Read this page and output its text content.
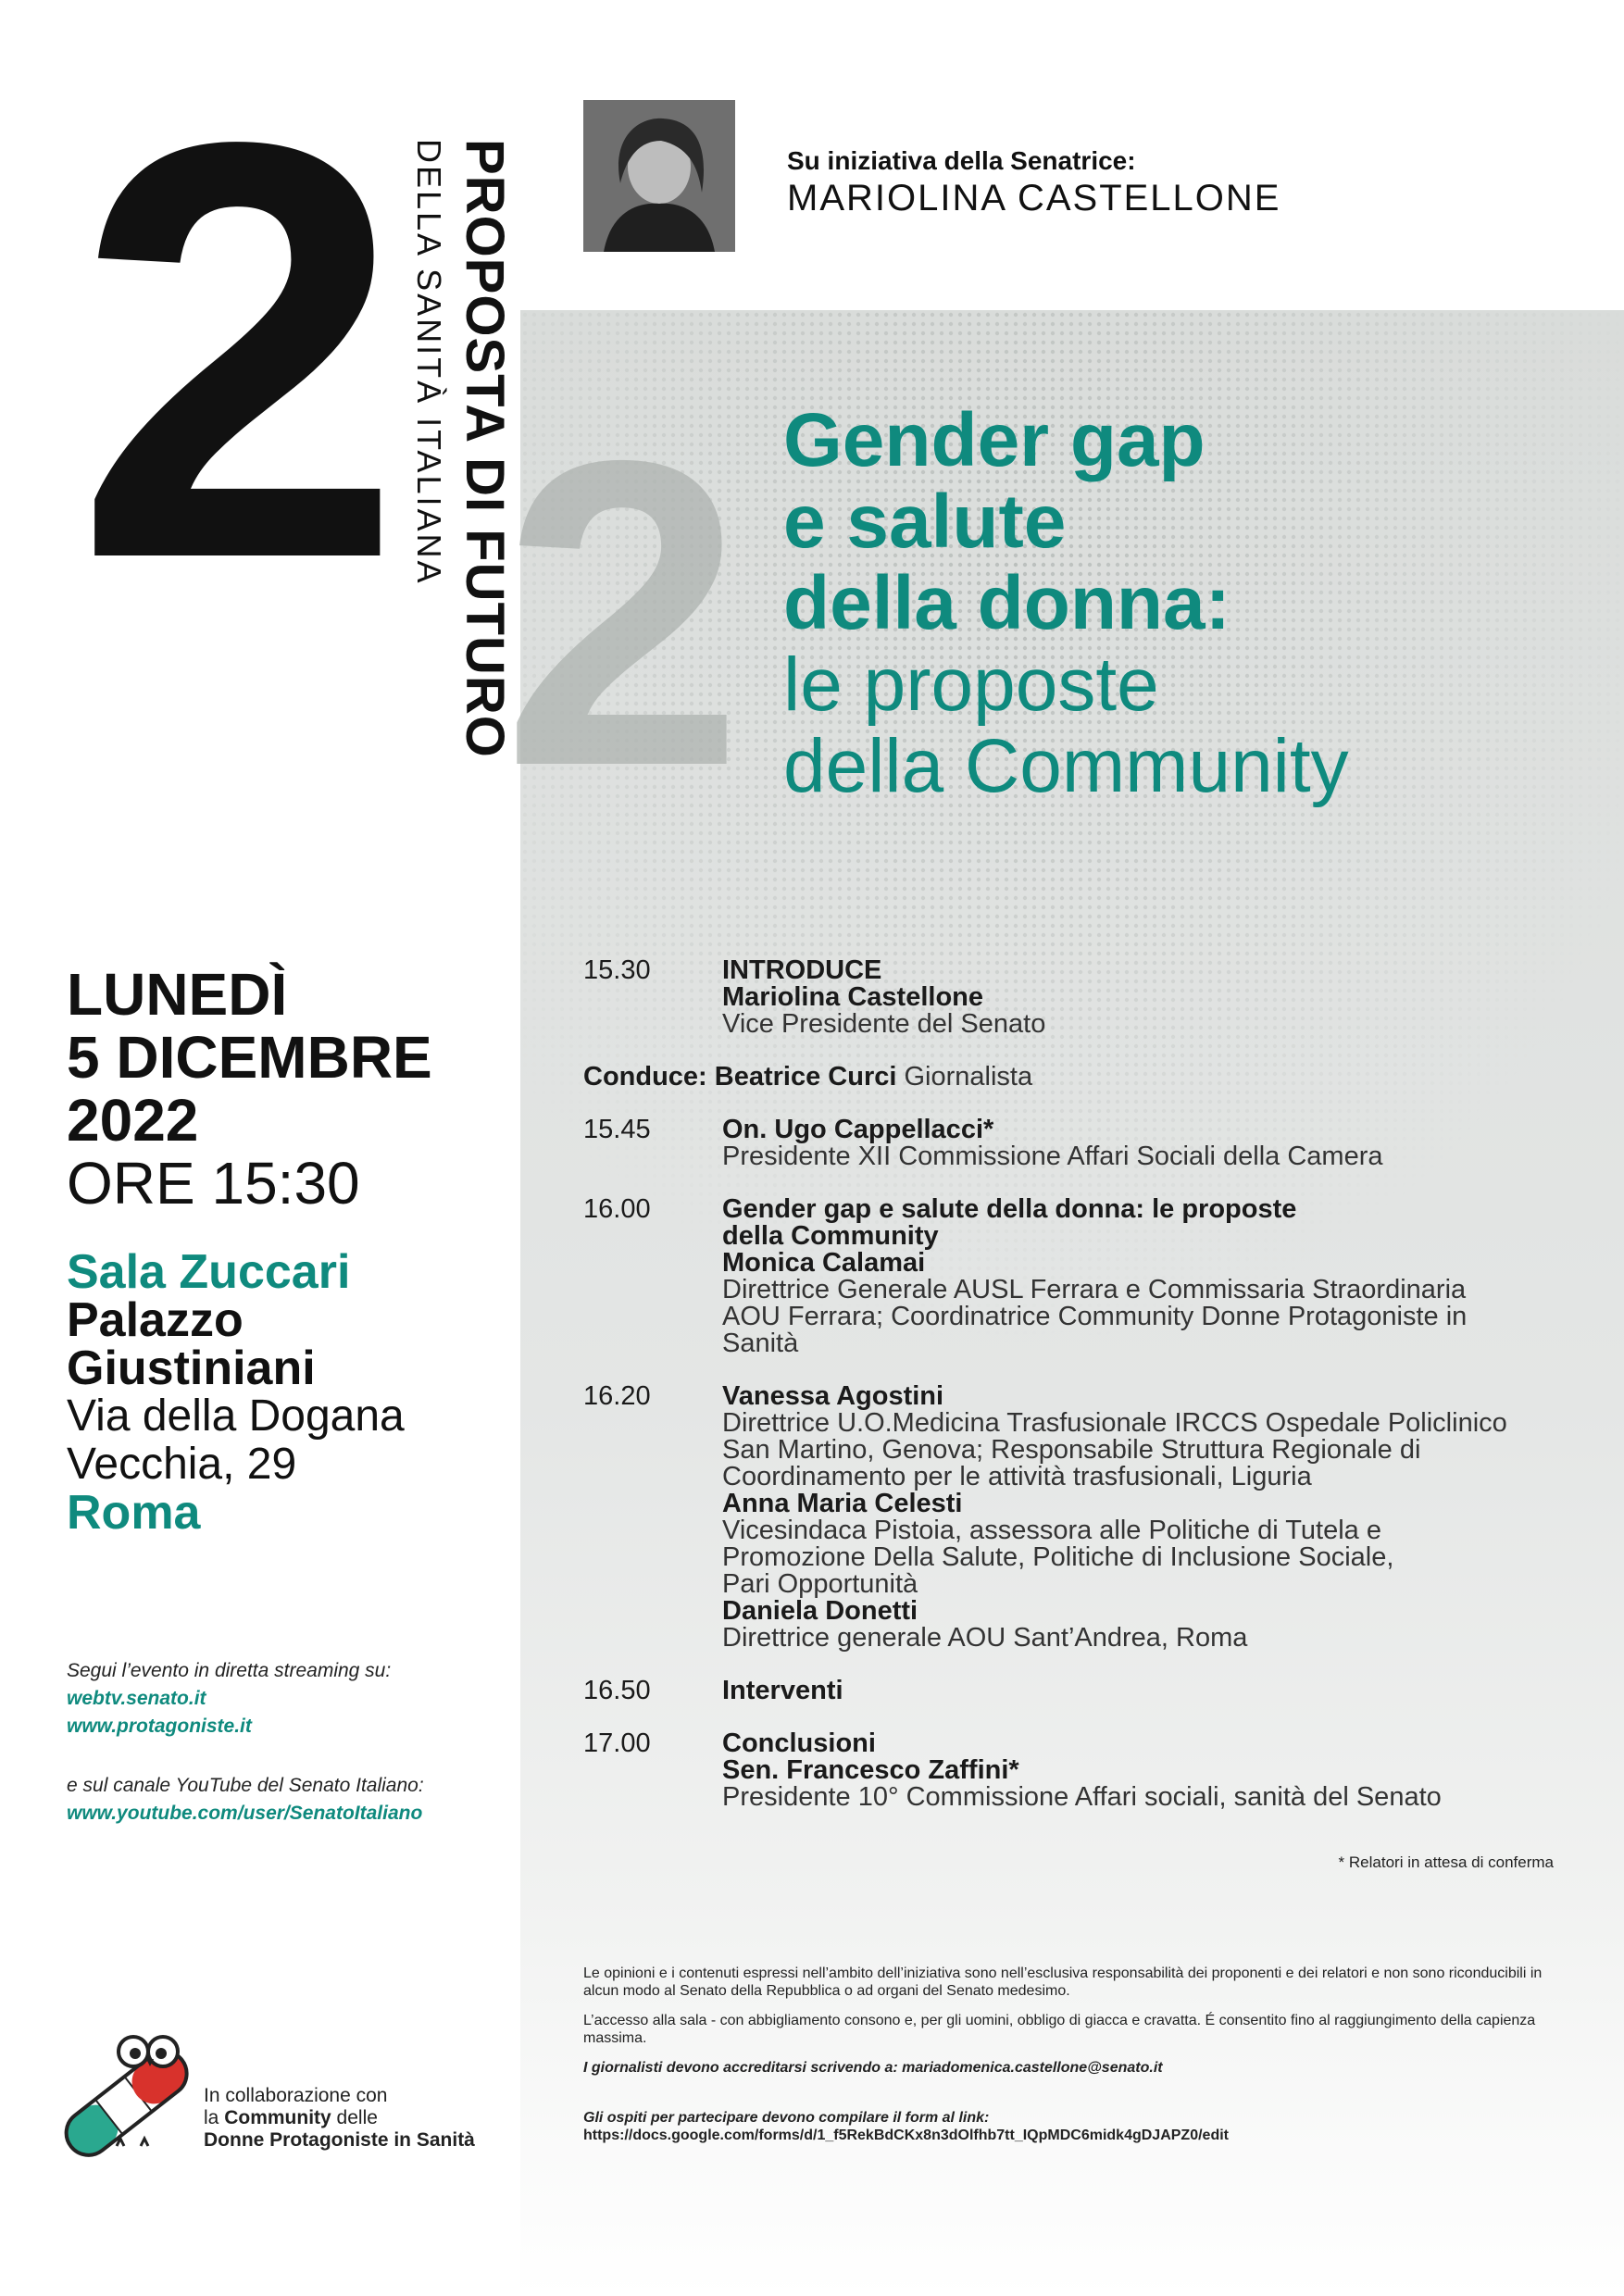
2 PROPOSTA DI FUTURO
DELLA SANITÀ ITALIANA	Su iniziativa della Senatrice:
MARIOLINA CASTELLONE
2 Gender gap
e salute
della donna:
le proposte
della Community
LUNEDÌ
5 DICEMBRE
2022
ORE 15:30
Sala Zuccari
Palazzo
Giustiniani
Via della Dogana
Vecchia, 29
Roma
Segui l’evento in diretta streaming su:
webtv.senato.it
www.protagoniste.it
e sul canale YouTube del Senato Italiano:
www.youtube.com/user/SenatoItaliano
15.30	INTRODUCE
Mariolina Castellone
Vice Presidente del Senato
Conduce: Beatrice Curci Giornalista
15.45	On. Ugo Cappellacci*
Presidente XII Commissione Affari Sociali della Camera
16.00	Gender gap e salute della donna: le proposte
della Community
Monica Calamai
Direttrice Generale AUSL Ferrara e Commissaria Straordinaria
AOU Ferrara; Coordinatrice Community Donne Protagoniste in
Sanità
16.20	Vanessa Agostini
Direttrice U.O.Medicina Trasfusionale IRCCS Ospedale Policlinico
San Martino, Genova; Responsabile Struttura Regionale di
Coordinamento per le attività trasfusionali, Liguria
Anna Maria Celesti
Vicesindaca Pistoia, assessora alle Politiche di Tutela e
Promozione Della Salute, Politiche di Inclusione Sociale,
Pari Opportunità
Daniela Donetti
Direttrice generale AOU Sant’Andrea, Roma
16.50	Interventi
17.00	Conclusioni
Sen. Francesco Zaffini*
Presidente 10° Commissione Affari sociali, sanità del Senato
* Relatori in attesa di conferma

Le opinioni e i contenuti espressi nell’ambito dell’iniziativa sono nell’esclusiva responsabilità dei proponenti e dei relatori e non sono riconducibili in alcun modo al Senato della Repubblica o ad organi del Senato medesimo.

L’accesso alla sala - con abbigliamento consono e, per gli uomini, obbligo di giacca e cravatta. É consentito fino al raggiungimento della capienza massima.

I giornalisti devono accreditarsi scrivendo a: mariadomenica.castellone@senato.it

Gli ospiti per partecipare devono compilare il form al link:
https://docs.google.com/forms/d/1_f5RekBdCKx8n3dOlfhb7tt_IQpMDC6midk4gDJAPZ0/edit
In collaborazione con
la Community delle
Donne Protagoniste in Sanità
